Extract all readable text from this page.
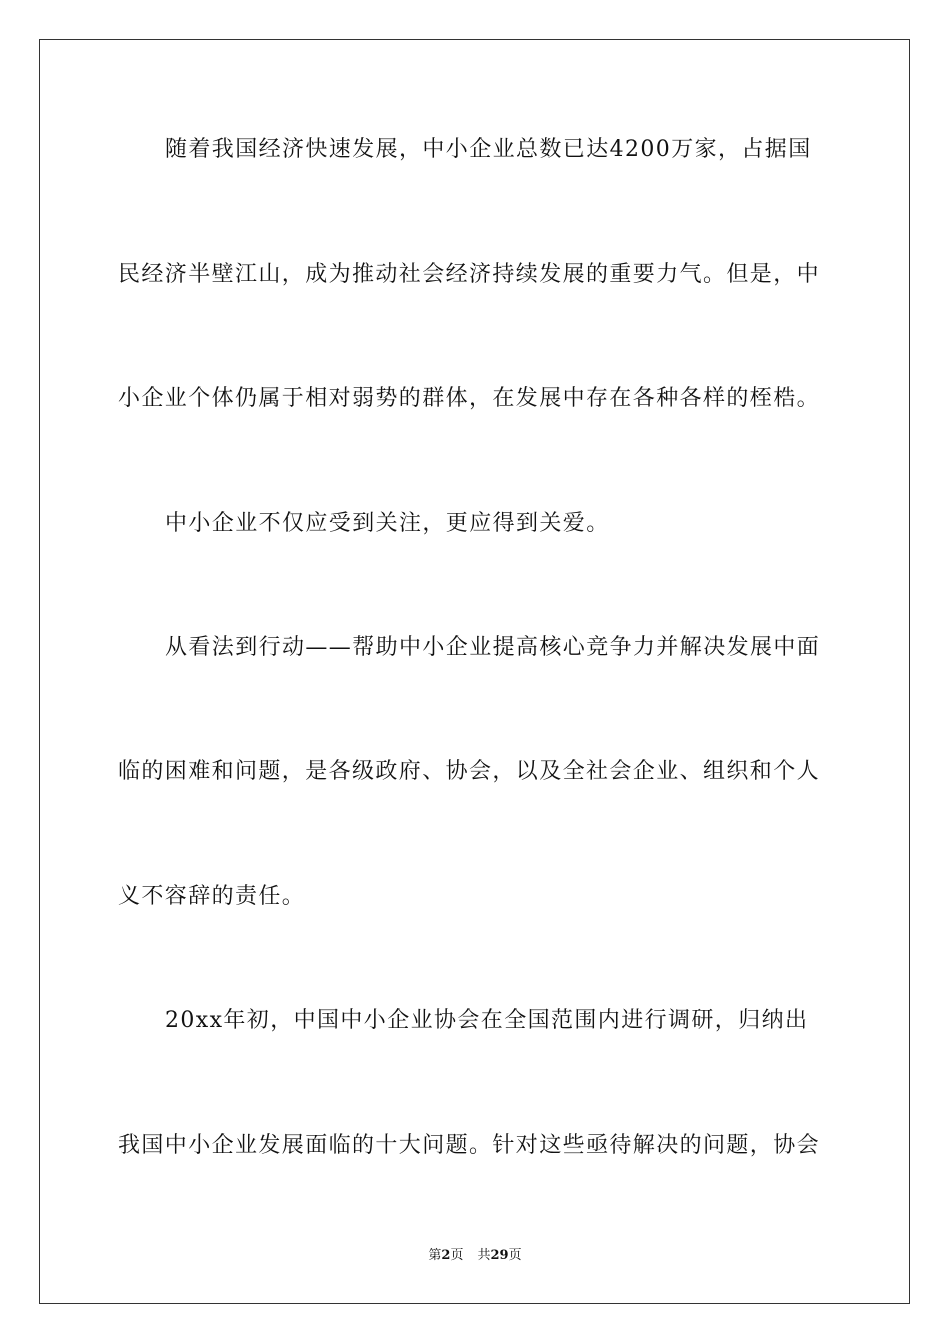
随着我国经济快速发展，中小企业总数已达4200万家，占据国
民经济半壁江山，成为推动社会经济持续发展的重要力气。但是，中
小企业个体仍属于相对弱势的群体，在发展中存在各种各样的桎梏。
中小企业不仅应受到关注，更应得到关爱。
从看法到行动——帮助中小企业提高核心竞争力并解决发展中面
临的困难和问题，是各级政府、协会，以及全社会企业、组织和个人
义不容辞的责任。
20xx年初，中国中小企业协会在全国范围内进行调研，归纳出
我国中小企业发展面临的十大问题。针对这些亟待解决的问题，协会
第2页 共29页
